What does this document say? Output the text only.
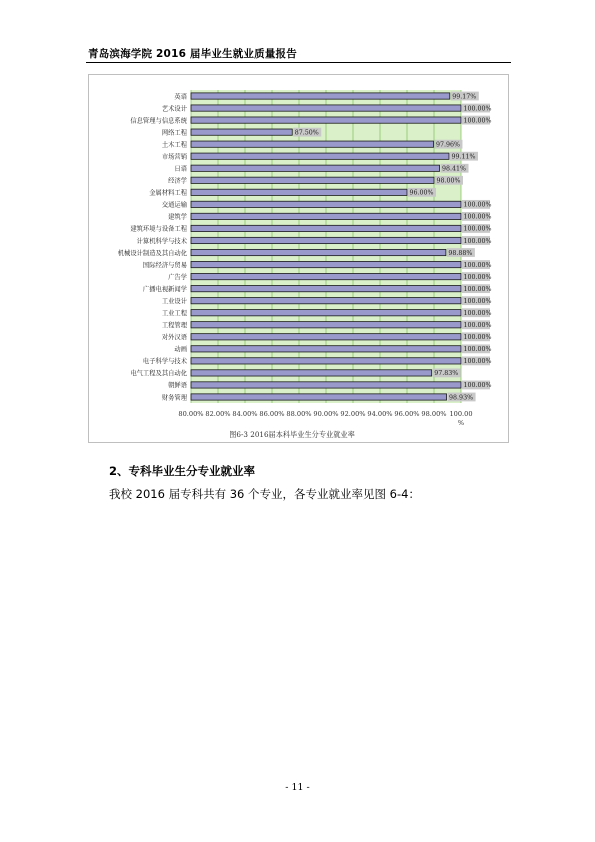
青岛滨海学院 2016 届毕业生就业质量报告
80.00% 82.00% 84.00% 86.00% 88.00% 90.00% 92.00% 94.00% 96.00% 98.00% 100.00
%
英语	99.17%
艺术设计	100.00%
信息管理与信息系统	100.00%
网络工程	87.50%
土木工程	97.96%
市场营销	99.11%
日语	98.41%
经济学	98.00%
金属材料工程	96.00%
交通运输	100.00%
建筑学	100.00%
建筑环境与设备工程	100.00%
计算机科学与技术	100.00%
机械设计制造及其自动化	98.88%
国际经济与贸易	100.00%
广告学	100.00%
广播电视新闻学	100.00%
工业设计	100.00%
工业工程	100.00%
工程管理	100.00%
对外汉语	100.00%
动画	100.00%
电子科学与技术	100.00%
电气工程及其自动化	97.83%
朝鲜语	100.00%
财务管理	98.93%
图6-3 2016届本科毕业生分专业就业率
2、专科毕业生分专业就业率
我校 2016 届专科共有 36 个专业，各专业就业率见图 6-4：
- 11 -
